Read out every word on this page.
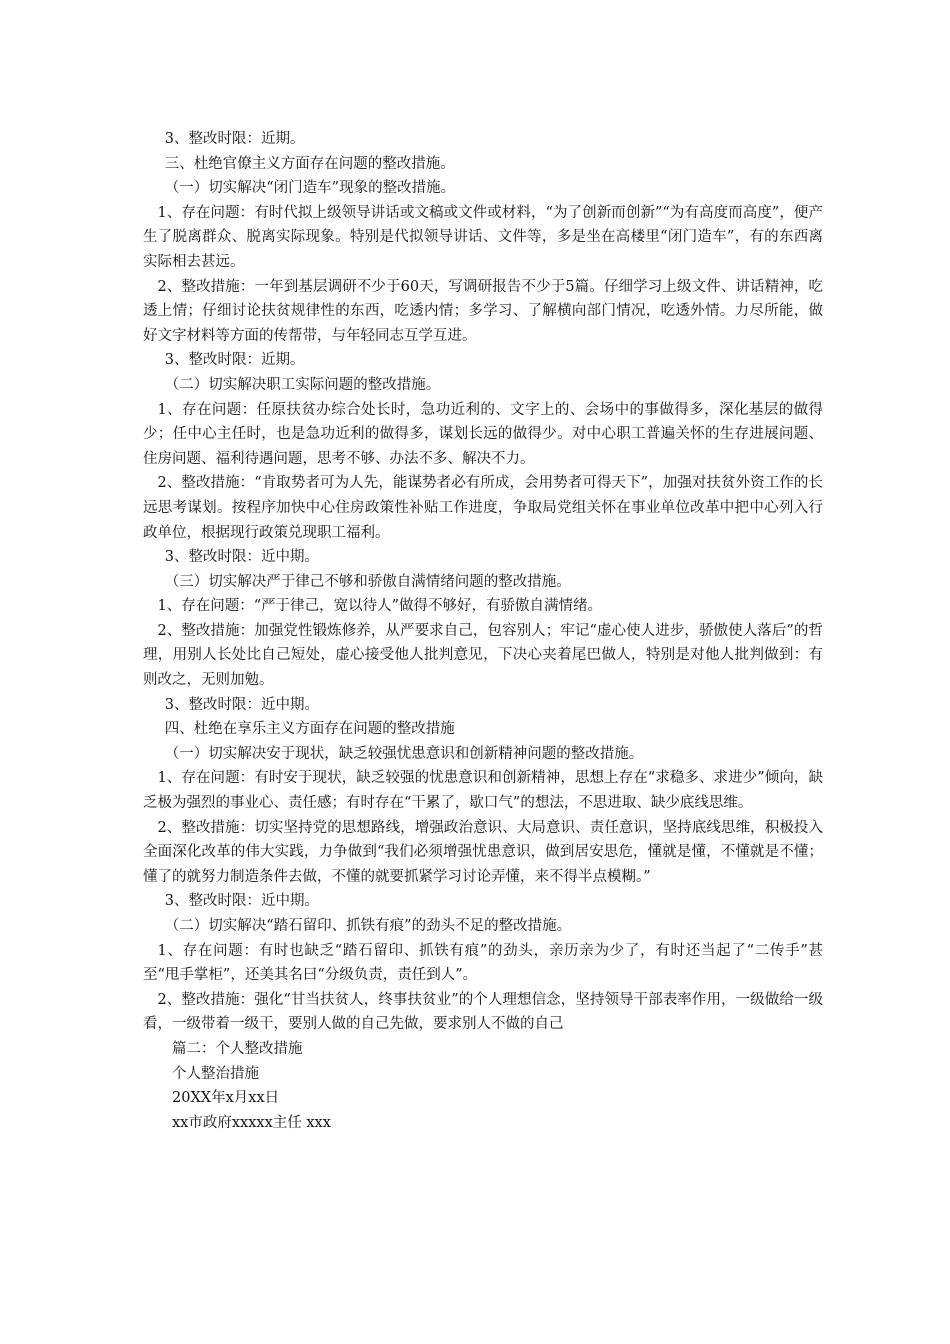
3、整改时限：近期。

三、杜绝官僚主义方面存在问题的整改措施。

（一）切实解决“闭门造车”现象的整改措施。

1、存在问题：有时代拟上级领导讲话或文稿或文件或材料，“为了创新而创新”“为有高度而高度”，便产生了脱离群众、脱离实际现象。特别是代拟领导讲话、文件等，多是坐在高楼里“闭门造车”，有的东西离实际相去甚远。

2、整改措施：一年到基层调研不少于60天，写调研报告不少于5篇。仔细学习上级文件、讲话精神，吃透上情；仔细讨论扶贫规律性的东西，吃透内情；多学习、了解横向部门情况，吃透外情。力尽所能，做好文字材料等方面的传帮带，与年轻同志互学互进。

3、整改时限：近期。

（二）切实解决职工实际问题的整改措施。

1、存在问题：任原扶贫办综合处长时，急功近利的、文字上的、会场中的事做得多，深化基层的做得少；任中心主任时，也是急功近利的做得多，谋划长远的做得少。对中心职工普遍关怀的生存进展问题、住房问题、福利待遇问题，思考不够、办法不多、解决不力。

2、整改措施：“肯取势者可为人先，能谋势者必有所成，会用势者可得天下”，加强对扶贫外资工作的长远思考谋划。按程序加快中心住房政策性补贴工作进度，争取局党组关怀在事业单位改革中把中心列入行政单位，根据现行政策兑现职工福利。

3、整改时限：近中期。

（三）切实解决严于律己不够和骄傲自满情绪问题的整改措施。

1、存在问题：“严于律己，宽以待人”做得不够好，有骄傲自满情绪。

2、整改措施：加强党性锻炼修养，从严要求自己，包容别人；牢记“虚心使人进步，骄傲使人落后”的哲理，用别人长处比自己短处，虚心接受他人批判意见，下决心夹着尾巴做人，特别是对他人批判做到：有则改之，无则加勉。

3、整改时限：近中期。

四、杜绝在享乐主义方面存在问题的整改措施

（一）切实解决安于现状，缺乏较强忧患意识和创新精神问题的整改措施。

1、存在问题：有时安于现状，缺乏较强的忧患意识和创新精神，思想上存在“求稳多、求进少”倾向，缺乏极为强烈的事业心、责任感；有时存在“干累了，歇口气”的想法，不思进取、缺少底线思维。

2、整改措施：切实坚持党的思想路线，增强政治意识、大局意识、责任意识，坚持底线思维，积极投入全面深化改革的伟大实践，力争做到“我们必须增强忧患意识，做到居安思危，懂就是懂，不懂就是不懂；懂了的就努力制造条件去做，不懂的就要抓紧学习讨论弄懂，来不得半点模糊。”

3、整改时限：近中期。

（二）切实解决“踏石留印、抓铁有痕”的劲头不足的整改措施。

1、存在问题：有时也缺乏“踏石留印、抓铁有痕”的劲头，亲历亲为少了，有时还当起了“二传手”甚至“甩手掌柜”，还美其名曰“分级负责，责任到人”。

2、整改措施：强化“甘当扶贫人，终事扶贫业”的个人理想信念，坚持领导干部表率作用，一级做给一级看，一级带着一级干，要别人做的自己先做，要求别人不做的自己

篇二：个人整改措施

个人整治措施

20XX年x月xx日

xx市政府xxxxx主任 xxx
